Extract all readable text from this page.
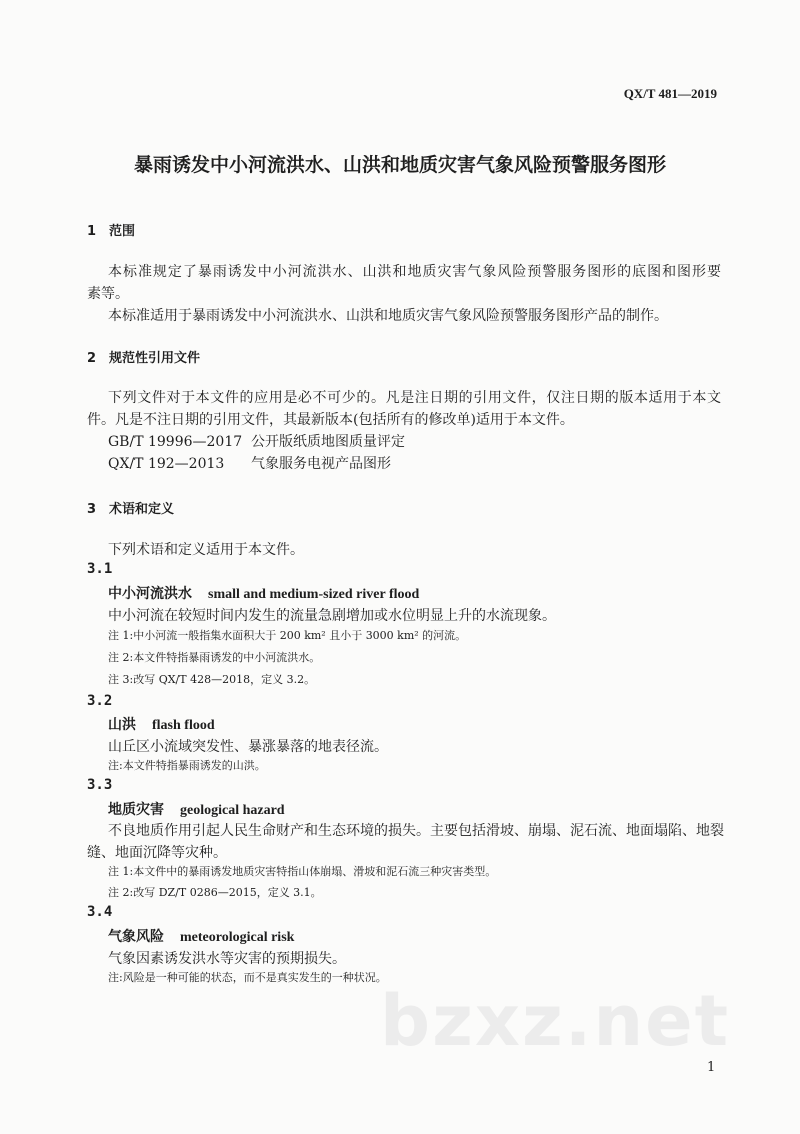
QX/T 481—2019
暴雨诱发中小河流洪水、山洪和地质灾害气象风险预警服务图形
1 范围
本标准规定了暴雨诱发中小河流洪水、山洪和地质灾害气象风险预警服务图形的底图和图形要
素等。
本标准适用于暴雨诱发中小河流洪水、山洪和地质灾害气象风险预警服务图形产品的制作。
2 规范性引用文件
下列文件对于本文件的应用是必不可少的。凡是注日期的引用文件，仅注日期的版本适用于本文
件。凡是不注日期的引用文件，其最新版本(包括所有的修改单)适用于本文件。
GB/T 19996—2017 公开版纸质地图质量评定
QX/T 192—2013 气象服务电视产品图形
3 术语和定义
下列术语和定义适用于本文件。
3.1
中小河流洪水 small and medium-sized river flood
中小河流在较短时间内发生的流量急剧增加或水位明显上升的水流现象。
注 1:中小河流一般指集水面积大于 200 km² 且小于 3000 km² 的河流。
注 2:本文件特指暴雨诱发的中小河流洪水。
注 3:改写 QX/T 428—2018，定义 3.2。
3.2
山洪 flash flood
山丘区小流域突发性、暴涨暴落的地表径流。
注:本文件特指暴雨诱发的山洪。
3.3
地质灾害 geological hazard
不良地质作用引起人民生命财产和生态环境的损失。主要包括滑坡、崩塌、泥石流、地面塌陷、地裂
缝、地面沉降等灾种。
注 1:本文件中的暴雨诱发地质灾害特指山体崩塌、滑坡和泥石流三种灾害类型。
注 2:改写 DZ/T 0286—2015，定义 3.1。
3.4
气象风险 meteorological risk
气象因素诱发洪水等灾害的预期损失。
注:风险是一种可能的状态，而不是真实发生的一种状况。
bzxz.net
1
